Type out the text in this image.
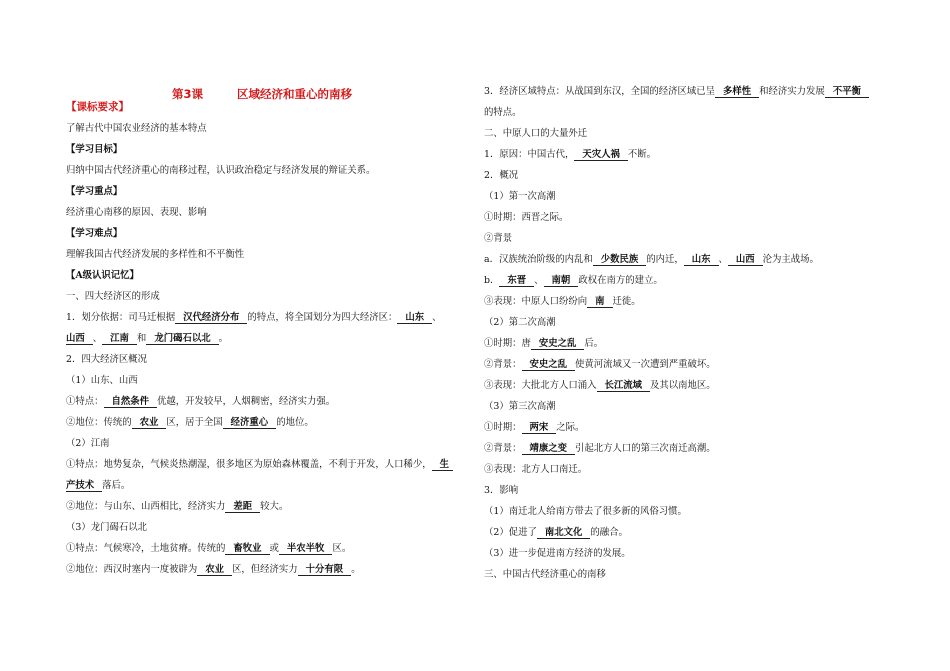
第3课	区域经济和重心的南移
【课标要求】
了解古代中国农业经济的基本特点
【学习目标】
归纳中国古代经济重心的南移过程，认识政治稳定与经济发展的辩证关系。
【学习重点】
经济重心南移的原因、表现、影响
【学习难点】
理解我国古代经济发展的多样性和不平衡性
【A级认识记忆】
一、四大经济区的形成
1．划分依据：司马迁根据 汉代经济分布 的特点，将全国划分为四大经济区： 山东 、
山西 、 江南 和 龙门碣石以北 。
2．四大经济区概况
（1）山东、山西
①特点： 自然条件 优越，开发较早，人烟稠密，经济实力强。
②地位：传统的 农业 区，居于全国 经济重心 的地位。
（2）江南
①特点：地势复杂，气候炎热潮湿，很多地区为原始森林覆盖，不利于开发，人口稀少， 生
产技术 落后。
②地位：与山东、山西相比，经济实力 差距 较大。
（3）龙门碣石以北
①特点：气候寒冷，土地贫瘠。传统的 畜牧业 或 半农半牧 区。
②地位：西汉时塞内一度被辟为 农业 区，但经济实力 十分有限 。
3．经济区域特点：从战国到东汉，全国的经济区域已呈 多样性 和经济实力发展 不平衡
的特点。
二、中原人口的大量外迁
1．原因：中国古代， 天灾人祸 不断。
2．概况
（1）第一次高潮
①时期：西晋之际。
②背景
a．汉族统治阶级的内乱和 少数民族 的内迁， 山东 、 山西 沦为主战场。
b． 东晋 、 南朝 政权在南方的建立。
③表现：中原人口纷纷向 南 迁徙。
（2）第二次高潮
①时期：唐 安史之乱 后。
②背景： 安史之乱 使黄河流域又一次遭到严重破坏。
③表现：大批北方人口涌入 长江流域 及其以南地区。
（3）第三次高潮
①时期： 两宋 之际。
②背景： 靖康之变 引起北方人口的第三次南迁高潮。
③表现：北方人口南迁。
3．影响
（1）南迁北人给南方带去了很多新的风俗习惯。
（2）促进了 南北文化 的融合。
（3）进一步促进南方经济的发展。
三、中国古代经济重心的南移
